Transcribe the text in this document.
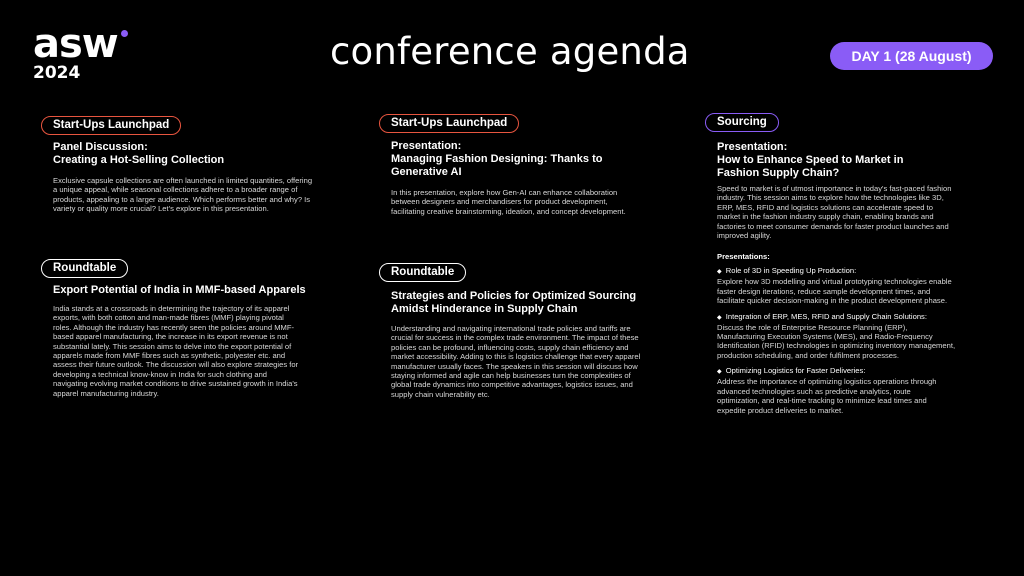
asw
2024	conference agenda	DAY 1 (28 August)
Start-Ups Launchpad
Panel Discussion:
Creating a Hot-Selling Collection
Exclusive capsule collections are often launched in limited quantities, offering a unique appeal, while seasonal collections adhere to a broader range of products, appealing to a larger audience. Which performs better and why? Is variety or quality more crucial? Let's explore in this presentation.
Roundtable
Export Potential of India in MMF-based Apparels
India stands at a crossroads in determining the trajectory of its apparel exports, with both cotton and man-made fibres (MMF) playing pivotal roles. Although the industry has recently seen the policies around MMF-based apparel manufacturing, the increase in its export revenue is not substantial lately. This session aims to delve into the export potential of apparels made from MMF fibres such as synthetic, polyester etc. and assess their future outlook. The discussion will also explore strategies for developing a technical know-know in India for such clothing and navigating evolving market conditions to drive sustained growth in India's apparel manufacturing industry.
Start-Ups Launchpad
Presentation:
Managing Fashion Designing: Thanks to Generative AI
In this presentation, explore how Gen-AI can enhance collaboration between designers and merchandisers for product development, facilitating creative brainstorming, ideation, and concept development.
Roundtable
Strategies and Policies for Optimized Sourcing Amidst Hinderance in Supply Chain
Understanding and navigating international trade policies and tariffs are crucial for success in the complex trade environment. The impact of these policies can be profound, influencing costs, supply chain efficiency and market accessibility. Adding to this is logistics challenge that every apparel manufacturer usually faces. The speakers in this session will discuss how staying informed and agile can help businesses turn the complexities of global trade dynamics into competitive advantages, logistics issues, and supply chain vulnerability etc.
Sourcing
Presentation:
How to Enhance Speed to Market in Fashion Supply Chain?
Speed to market is of utmost importance in today's fast-paced fashion industry. This session aims to explore how the technologies like 3D, ERP, MES, RFID and logistics solutions can accelerate speed to market in the fashion industry supply chain, enabling brands and factories to meet consumer demands for faster product launches and improved agility.
Presentations:
◆ Role of 3D in Speeding Up Production:
Explore how 3D modelling and virtual prototyping technologies enable faster design iterations, reduce sample development times, and facilitate quicker decision-making in the product development phase.
◆ Integration of ERP, MES, RFID and Supply Chain Solutions:
Discuss the role of Enterprise Resource Planning (ERP), Manufacturing Execution Systems (MES), and Radio-Frequency Identification (RFID) technologies in optimizing inventory management, production scheduling, and order fulfilment processes.
◆ Optimizing Logistics for Faster Deliveries:
Address the importance of optimizing logistics operations through advanced technologies such as predictive analytics, route optimization, and real-time tracking to minimize lead times and expedite product deliveries to market.
